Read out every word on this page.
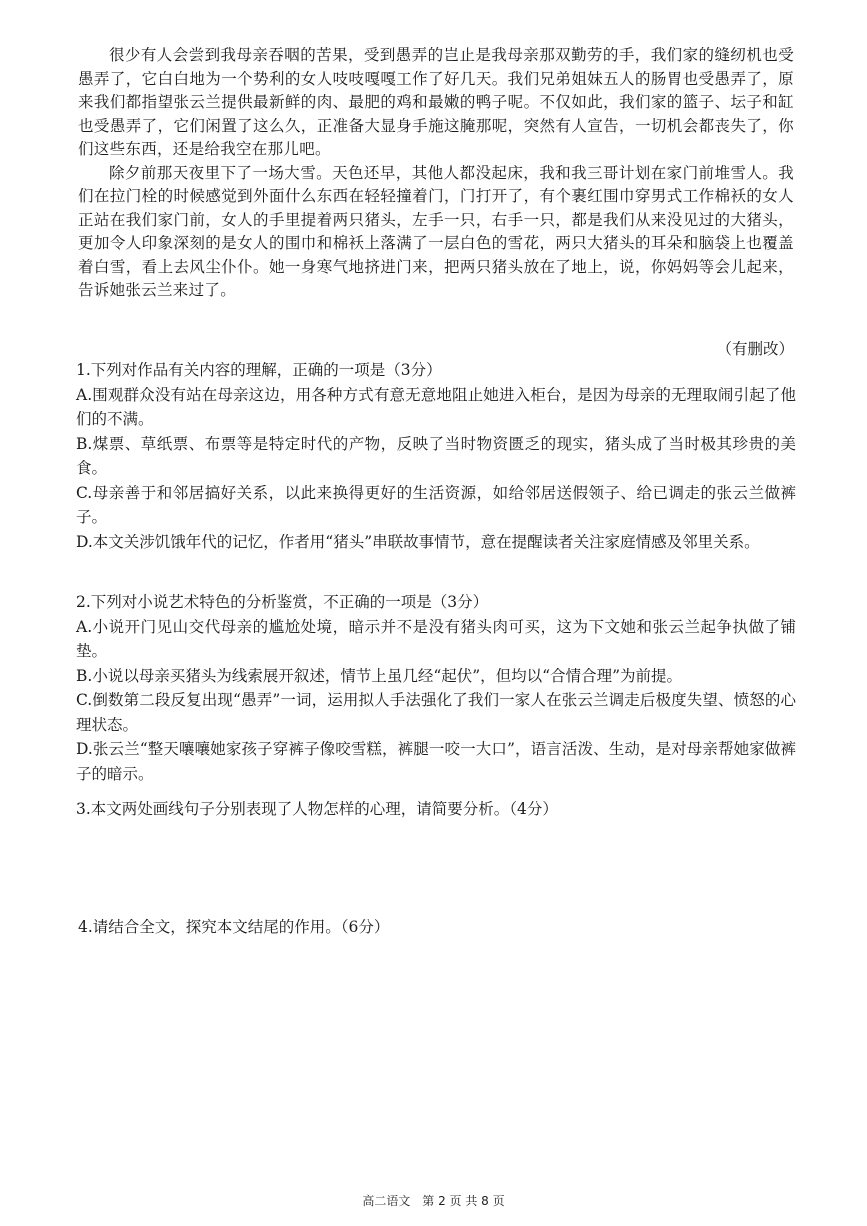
很少有人会尝到我母亲吞咽的苦果，受到愚弄的岂止是我母亲那双勤劳的手，我们家的缝纫机也受愚弄了，它白白地为一个势利的女人吱吱嘎嘎工作了好几天。我们兄弟姐妹五人的肠胃也受愚弄了，原来我们都指望张云兰提供最新鲜的肉、最肥的鸡和最嫩的鸭子呢。不仅如此，我们家的篮子、坛子和缸也受愚弄了，它们闲置了这么久，正准备大显身手施这腌那呢，突然有人宣告，一切机会都丧失了，你们这些东西，还是给我空在那儿吧。

除夕前那天夜里下了一场大雪。天色还早，其他人都没起床，我和我三哥计划在家门前堆雪人。我们在拉门栓的时候感觉到外面什么东西在轻轻撞着门，门打开了，有个裹红围巾穿男式工作棉袄的女人正站在我们家门前，女人的手里提着两只猪头，左手一只，右手一只，都是我们从来没见过的大猪头，更加令人印象深刻的是女人的围巾和棉袄上落满了一层白色的雪花，两只大猪头的耳朵和脑袋上也覆盖着白雪，看上去风尘仆仆。她一身寒气地挤进门来，把两只猪头放在了地上，说，你妈妈等会儿起来，告诉她张云兰来过了。

（有删改）
1.下列对作品有关内容的理解，正确的一项是（3分）
A.围观群众没有站在母亲这边，用各种方式有意无意地阻止她进入柜台，是因为母亲的无理取闹引起了他们的不满。
B.煤票、草纸票、布票等是特定时代的产物，反映了当时物资匮乏的现实，猪头成了当时极其珍贵的美食。
C.母亲善于和邻居搞好关系，以此来换得更好的生活资源，如给邻居送假领子、给已调走的张云兰做裤子。
D.本文关涉饥饿年代的记忆，作者用“猪头”串联故事情节，意在提醒读者关注家庭情感及邻里关系。
2.下列对小说艺术特色的分析鉴赏，不正确的一项是（3分）
A.小说开门见山交代母亲的尴尬处境，暗示并不是没有猪头肉可买，这为下文她和张云兰起争执做了铺垫。
B.小说以母亲买猪头为线索展开叙述，情节上虽几经“起伏”，但均以“合情合理”为前提。
C.倒数第二段反复出现“愚弄”一词，运用拟人手法强化了我们一家人在张云兰调走后极度失望、愤怒的心理状态。
D.张云兰“整天嚷嚷她家孩子穿裤子像咬雪糕，裤腿一咬一大口”，语言活泼、生动，是对母亲帮她家做裤子的暗示。
3.本文两处画线句子分别表现了人物怎样的心理，请简要分析。（4分）
4.请结合全文，探究本文结尾的作用。（6分）
高二语文 第 2 页 共 8 页
